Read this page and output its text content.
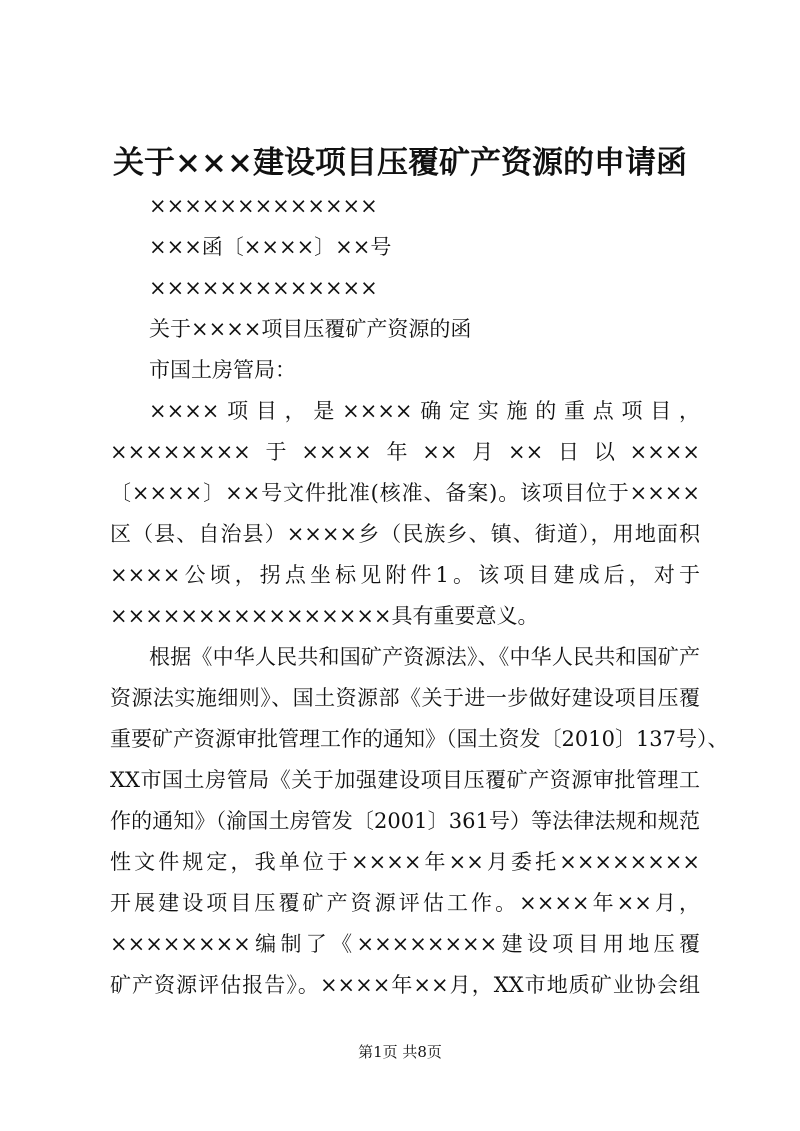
关于×××建设项目压覆矿产资源的申请函
×××××××××××××
×××函〔××××〕××号
×××××××××××××
关于××××项目压覆矿产资源的函
市国土房管局：
××××项目，是××××确定实施的重点项目，
××××××××于××××年××月××日以××××
〔××××〕××号文件批准(核准、备案)。该项目位于××××
区（县、自治县）××××乡（民族乡、镇、街道），用地面积
××××公顷，拐点坐标见附件1。该项目建成后，对于
××××××××××××××××具有重要意义。
根据《中华人民共和国矿产资源法》、《中华人民共和国矿产
资源法实施细则》、国土资源部《关于进一步做好建设项目压覆
重要矿产资源审批管理工作的通知》（国土资发〔2010〕137号）、
XX市国土房管局《关于加强建设项目压覆矿产资源审批管理工
作的通知》（渝国土房管发〔2001〕361号）等法律法规和规范
性文件规定，我单位于××××年××月委托××××××××
开展建设项目压覆矿产资源评估工作。××××年××月，
××××××××编制了《××××××××建设项目用地压覆
矿产资源评估报告》。××××年××月，XX市地质矿业协会组
第1页 共8页
